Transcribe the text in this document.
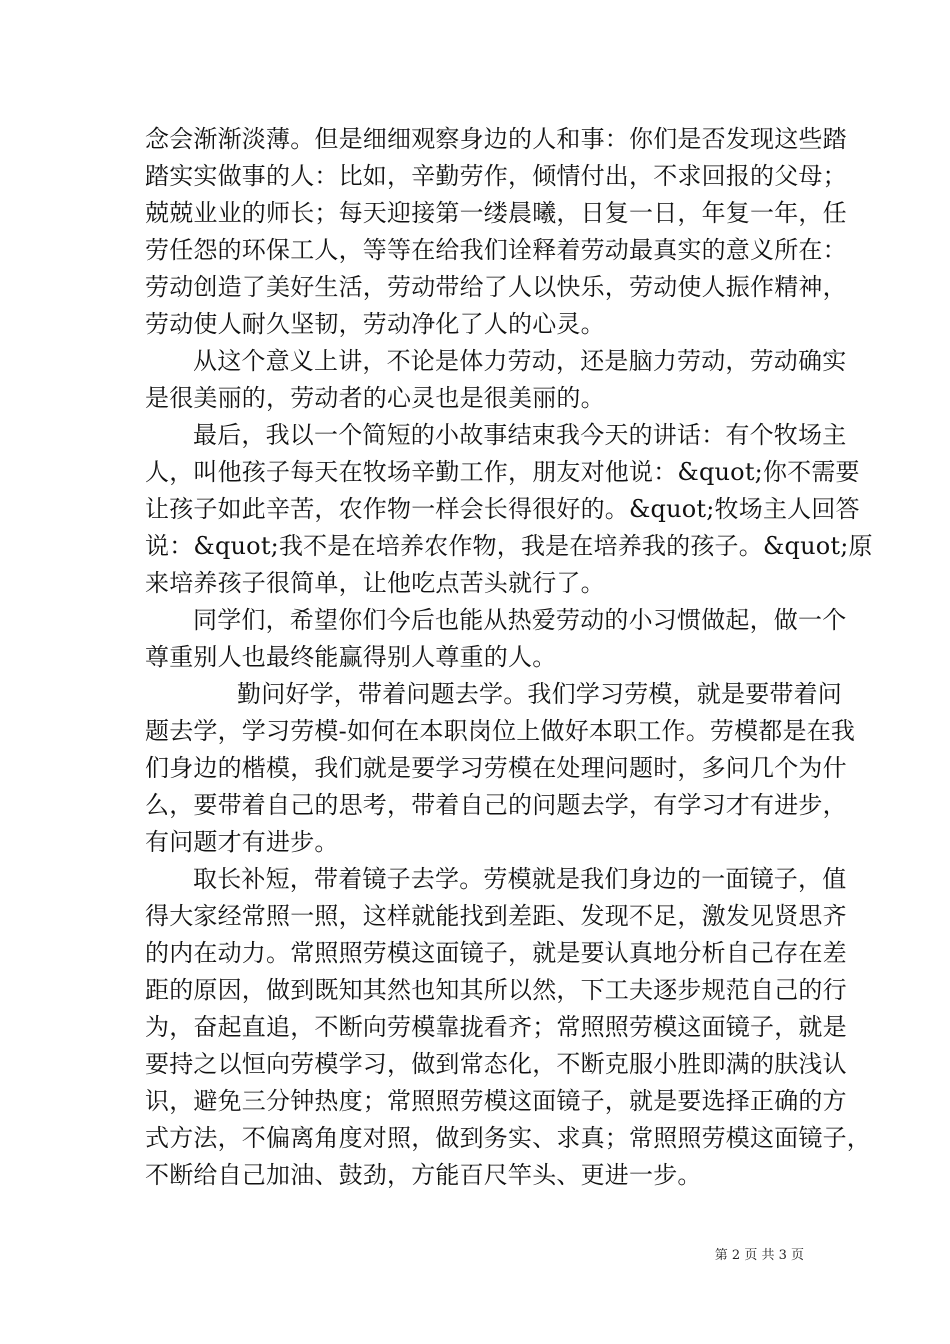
念会渐渐淡薄。但是细细观察身边的人和事：你们是否发现这些踏
踏实实做事的人：比如，辛勤劳作，倾情付出，不求回报的父母；
兢兢业业的师长；每天迎接第一缕晨曦，日复一日，年复一年，任
劳任怨的环保工人，等等在给我们诠释着劳动最真实的意义所在：
劳动创造了美好生活，劳动带给了人以快乐，劳动使人振作精神，
劳动使人耐久坚韧，劳动净化了人的心灵。
从这个意义上讲，不论是体力劳动，还是脑力劳动，劳动确实
是很美丽的，劳动者的心灵也是很美丽的。
最后，我以一个简短的小故事结束我今天的讲话：有个牧场主
人，叫他孩子每天在牧场辛勤工作，朋友对他说：&quot;你不需要
让孩子如此辛苦，农作物一样会长得很好的。&quot;牧场主人回答
说：&quot;我不是在培养农作物，我是在培养我的孩子。&quot;原
来培养孩子很简单，让他吃点苦头就行了。
同学们，希望你们今后也能从热爱劳动的小习惯做起，做一个
尊重别人也最终能赢得别人尊重的人。
勤问好学，带着问题去学。我们学习劳模，就是要带着问
题去学，学习劳模-如何在本职岗位上做好本职工作。劳模都是在我
们身边的楷模，我们就是要学习劳模在处理问题时，多问几个为什
么，要带着自己的思考，带着自己的问题去学，有学习才有进步，
有问题才有进步。
取长补短，带着镜子去学。劳模就是我们身边的一面镜子，值
得大家经常照一照，这样就能找到差距、发现不足，激发见贤思齐
的内在动力。常照照劳模这面镜子，就是要认真地分析自己存在差
距的原因，做到既知其然也知其所以然，下工夫逐步规范自己的行
为，奋起直追，不断向劳模靠拢看齐；常照照劳模这面镜子，就是
要持之以恒向劳模学习，做到常态化，不断克服小胜即满的肤浅认
识，避免三分钟热度；常照照劳模这面镜子，就是要选择正确的方
式方法，不偏离角度对照，做到务实、求真；常照照劳模这面镜子，
不断给自己加油、鼓劲，方能百尺竿头、更进一步。
第 2 页 共 3 页
